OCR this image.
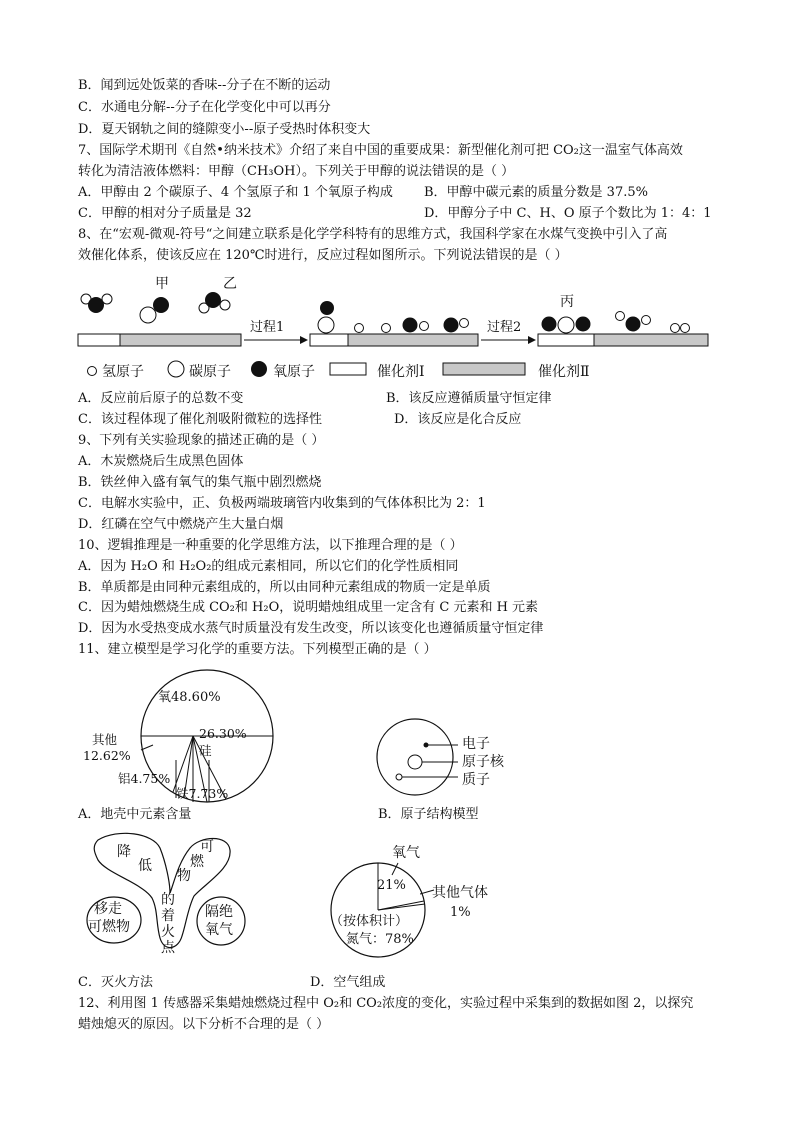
B．闻到远处饭菜的香味--分子在不断的运动
C．水通电分解--分子在化学变化中可以再分
D．夏天钢轨之间的缝隙变小--原子受热时体积变大
7、国际学术期刊《自然•纳米技术》介绍了来自中国的重要成果：新型催化剂可把 CO₂这一温室气体高效
转化为清洁液体燃料：甲醇（CH₃OH）。下列关于甲醇的说法错误的是（ ）
A．甲醇由 2 个碳原子、4 个氢原子和 1 个氧原子构成 B．甲醇中碳元素的质量分数是 37.5%
C．甲醇的相对分子质量是 32	D．甲醇分子中 C、H、O 原子个数比为 1：4：1
8、在“宏观-微观-符号“之间建立联系是化学学科特有的思维方式，我国科学家在水煤气变换中引入了高
效催化体系，使该反应在 120℃时进行，反应过程如图所示。下列说法错误的是（ ）
甲	乙
丙
过程1	过程2
氢原子	碳原子	氧原子	催化剂Ⅰ	催化剂Ⅱ
A．反应前后原子的总数不变	B．该反应遵循质量守恒定律
C．该过程体现了催化剂吸附微粒的选择性	D．该反应是化合反应
9、下列有关实验现象的描述正确的是（ ）
A．木炭燃烧后生成黑色固体
B．铁丝伸入盛有氧气的集气瓶中剧烈燃烧
C．电解水实验中，正、负极两端玻璃管内收集到的气体体积比为 2：1
D．红磷在空气中燃烧产生大量白烟
10、逻辑推理是一种重要的化学思维方法，以下推理合理的是（ ）
A．因为 H₂O 和 H₂O₂的组成元素相同，所以它们的化学性质相同
B．单质都是由同种元素组成的，所以由同种元素组成的物质一定是单质
C．因为蜡烛燃烧生成 CO₂和 H₂O，说明蜡烛组成里一定含有 C 元素和 H 元素
D．因为水受热变成水蒸气时质量没有发生改变，所以该变化也遵循质量守恒定律
11、建立模型是学习化学的重要方法。下列模型正确的是（ ）
氧48.60%
26.30%
硅
其他
12.62%
铝4.75%
铁7.73%
A．地壳中元素含量
电子
原子核
质子
B．原子结构模型
降
低
可
燃
物
的
着
火
点
移走
可燃物
隔绝
氧气
C．灭火方法
氧气
21% 其他气体
1%
（按体积计）
氮气：78%
D．空气组成
12、利用图 1 传感器采集蜡烛燃烧过程中 O₂和 CO₂浓度的变化，实验过程中采集到的数据如图 2，以探究
蜡烛熄灭的原因。以下分析不合理的是（ ）
